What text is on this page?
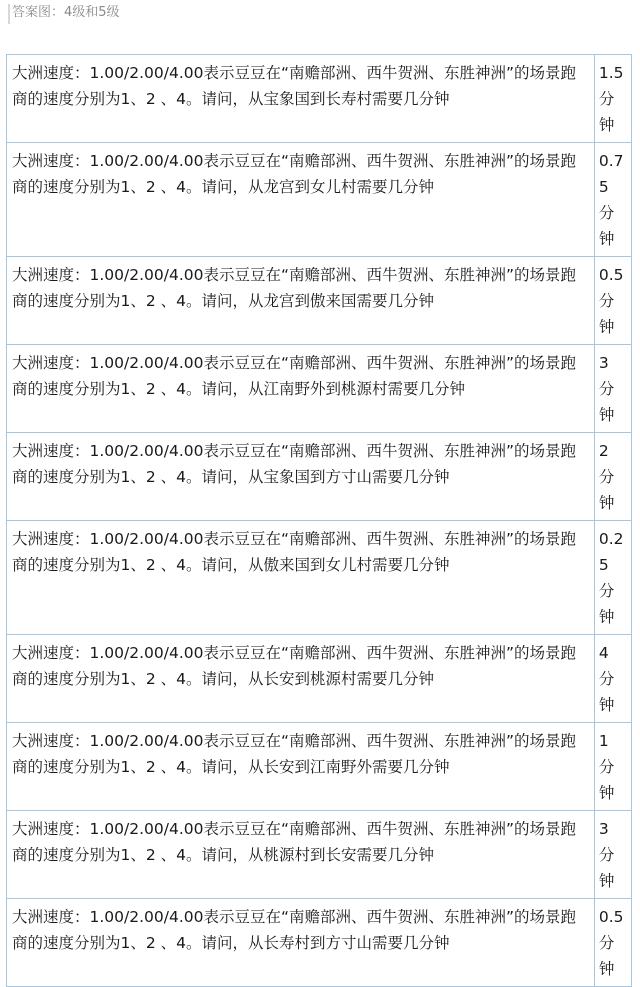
答案图：4级和5级
大洲速度：1.00/2.00/4.00表示豆豆在“南赡部洲、西牛贺洲、东胜神洲”的场景跑商的速度分别为1、2 、4。请问，从宝象国到长寿村需要几分钟	1.5分钟

大洲速度：1.00/2.00/4.00表示豆豆在“南赡部洲、西牛贺洲、东胜神洲”的场景跑商的速度分别为1、2 、4。请问，从龙宫到女儿村需要几分钟	0.75 分钟

大洲速度：1.00/2.00/4.00表示豆豆在“南赡部洲、西牛贺洲、东胜神洲”的场景跑商的速度分别为1、2 、4。请问，从龙宫到傲来国需要几分钟	0.5分钟

大洲速度：1.00/2.00/4.00表示豆豆在“南赡部洲、西牛贺洲、东胜神洲”的场景跑商的速度分别为1、2 、4。请问，从江南野外到桃源村需要几分钟	3 分钟

大洲速度：1.00/2.00/4.00表示豆豆在“南赡部洲、西牛贺洲、东胜神洲”的场景跑商的速度分别为1、2 、4。请问，从宝象国到方寸山需要几分钟	2 分钟

大洲速度：1.00/2.00/4.00表示豆豆在“南赡部洲、西牛贺洲、东胜神洲”的场景跑商的速度分别为1、2 、4。请问，从傲来国到女儿村需要几分钟	0.25 分钟

大洲速度：1.00/2.00/4.00表示豆豆在“南赡部洲、西牛贺洲、东胜神洲”的场景跑商的速度分别为1、2 、4。请问，从长安到桃源村需要几分钟	4 分钟

大洲速度：1.00/2.00/4.00表示豆豆在“南赡部洲、西牛贺洲、东胜神洲”的场景跑商的速度分别为1、2 、4。请问，从长安到江南野外需要几分钟	1 分钟

大洲速度：1.00/2.00/4.00表示豆豆在“南赡部洲、西牛贺洲、东胜神洲”的场景跑商的速度分别为1、2 、4。请问，从桃源村到长安需要几分钟	3 分钟

大洲速度：1.00/2.00/4.00表示豆豆在“南赡部洲、西牛贺洲、东胜神洲”的场景跑商的速度分别为1、2 、4。请问，从长寿村到方寸山需要几分钟	0.5分钟
